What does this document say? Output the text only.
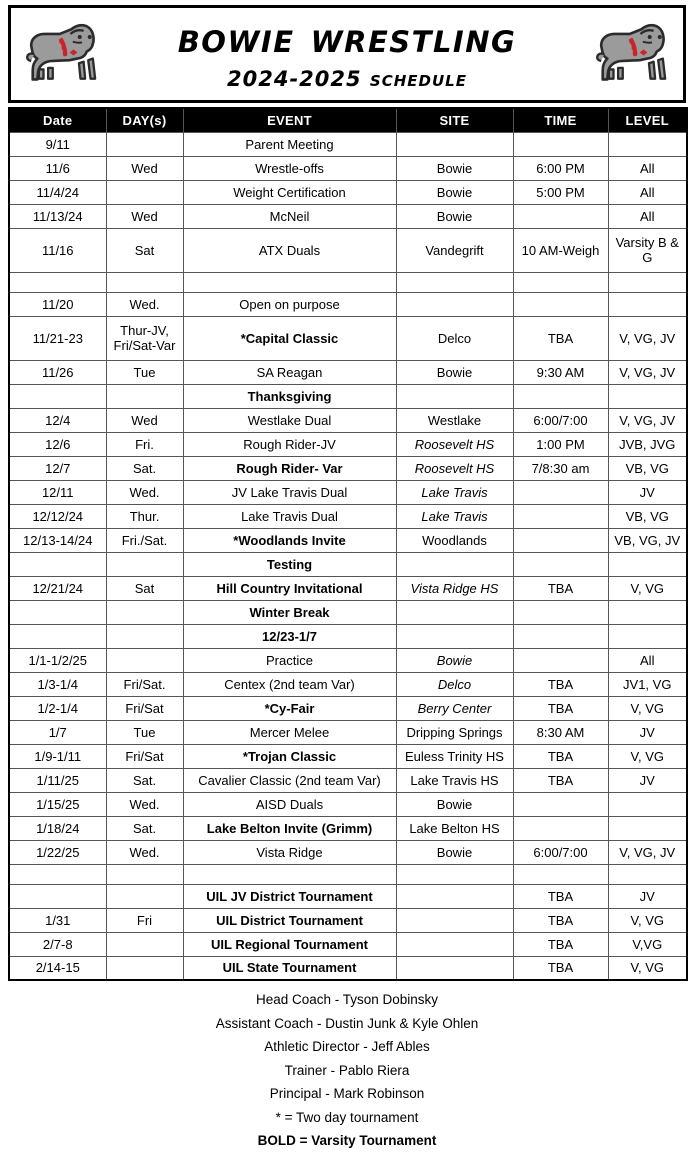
bowie wrestling
2024-2025 schedule
Date	DAY(s)	EVENT	SITE	TIME	LEVEL
9/11		Parent Meeting			
11/6	Wed	Wrestle-offs	Bowie	6:00 PM	All
11/4/24		Weight Certification	Bowie	5:00 PM	All
11/13/24	Wed	McNeil	Bowie		All
11/16	Sat	ATX Duals	Vandegrift	10 AM-Weigh	Varsity B & G

11/20	Wed.	Open on purpose			
11/21-23	Thur-JV, Fri/Sat-Var	*Capital Classic	Delco	TBA	V, VG, JV
11/26	Tue	SA Reagan	Bowie	9:30 AM	V, VG, JV
		Thanksgiving			
12/4	Wed	Westlake Dual	Westlake	6:00/7:00	V, VG, JV
12/6	Fri.	Rough Rider-JV	Roosevelt HS	1:00 PM	JVB, JVG
12/7	Sat.	Rough Rider- Var	Roosevelt HS	7/8:30 am	VB, VG
12/11	Wed.	JV Lake Travis Dual	Lake Travis		JV
12/12/24	Thur.	Lake Travis Dual	Lake Travis		VB, VG
12/13-14/24	Fri./Sat.	*Woodlands Invite	Woodlands		VB, VG, JV
		Testing			
12/21/24	Sat	Hill Country Invitational	Vista Ridge HS	TBA	V, VG
		Winter Break			
		12/23-1/7			
1/1-1/2/25		Practice	Bowie		All
1/3-1/4	Fri/Sat.	Centex (2nd team Var)	Delco	TBA	JV1, VG
1/2-1/4	Fri/Sat	*Cy-Fair	Berry Center	TBA	V, VG
1/7	Tue	Mercer Melee	Dripping Springs	8:30 AM	JV
1/9-1/11	Fri/Sat	*Trojan Classic	Euless Trinity HS	TBA	V, VG
1/11/25	Sat.	Cavalier Classic (2nd team Var)	Lake Travis HS	TBA	JV
1/15/25	Wed.	AISD Duals	Bowie		
1/18/24	Sat.	Lake Belton Invite (Grimm)	Lake Belton HS		
1/22/25	Wed.	Vista Ridge	Bowie	6:00/7:00	V, VG, JV

		UIL JV District Tournament		TBA	JV
1/31	Fri	UIL District Tournament		TBA	V, VG
2/7-8		UIL Regional Tournament		TBA	V,VG
2/14-15		UIL State Tournament		TBA	V, VG
Head Coach - Tyson Dobinsky
Assistant Coach - Dustin Junk & Kyle Ohlen
Athletic Director - Jeff Ables
Trainer - Pablo Riera
Principal - Mark Robinson
* = Two day tournament
BOLD = Varsity Tournament
